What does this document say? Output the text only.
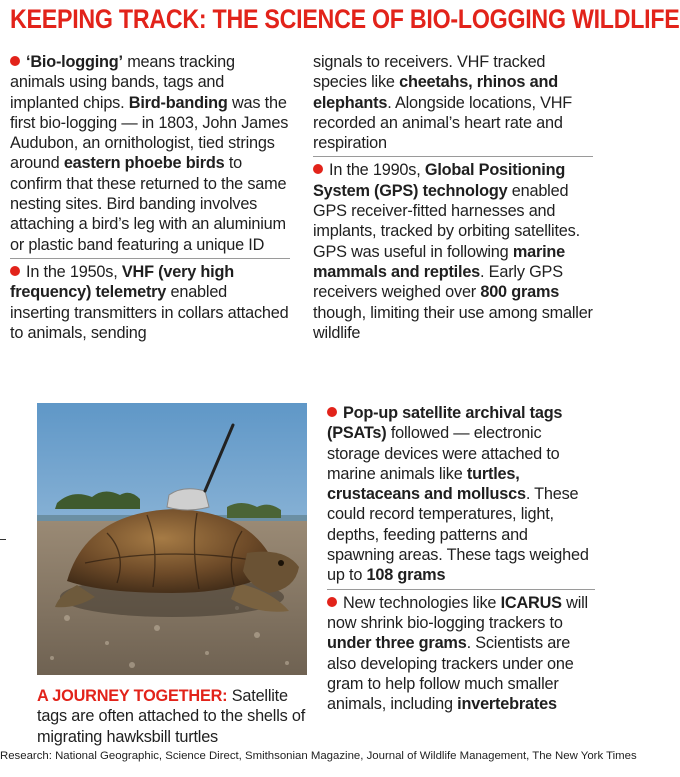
KEEPING TRACK: THE SCIENCE OF BIO-LOGGING WILDLIFE

‘Bio-logging’ means tracking animals using bands, tags and implanted chips. Bird-banding was the first bio-logging — in 1803, John James Audubon, an ornithologist, tied strings around eastern phoebe birds to confirm that these returned to the same nesting sites. Bird banding involves attaching a bird’s leg with an aluminium or plastic band featuring a unique ID

In the 1950s, VHF (very high frequency) telemetry enabled inserting transmitters in collars attached to animals, sending

signals to receivers. VHF tracked species like cheetahs, rhinos and elephants. Alongside locations, VHF recorded an animal’s heart rate and respiration

In the 1990s, Global Positioning System (GPS) technology enabled GPS receiver-fitted harnesses and implants, tracked by orbiting satellites. GPS was useful in following marine mammals and reptiles. Early GPS receivers weighed over 800 grams though, limiting their use among smaller wildlife

Pop-up satellite archival tags (PSATs) followed — electronic storage devices were attached to marine animals like turtles, crustaceans and molluscs. These could record temperatures, light, depths, feeding patterns and spawning areas. These tags weighed up to 108 grams

New technologies like ICARUS will now shrink bio-logging trackers to under three grams. Scientists are also developing trackers under one gram to help follow much smaller animals, including invertebrates

A JOURNEY TOGETHER: Satellite tags are often attached to the shells of migrating hawksbill turtles
Research: National Geographic, Science Direct, Smithsonian Magazine, Journal of Wildlife Management, The New York Times
